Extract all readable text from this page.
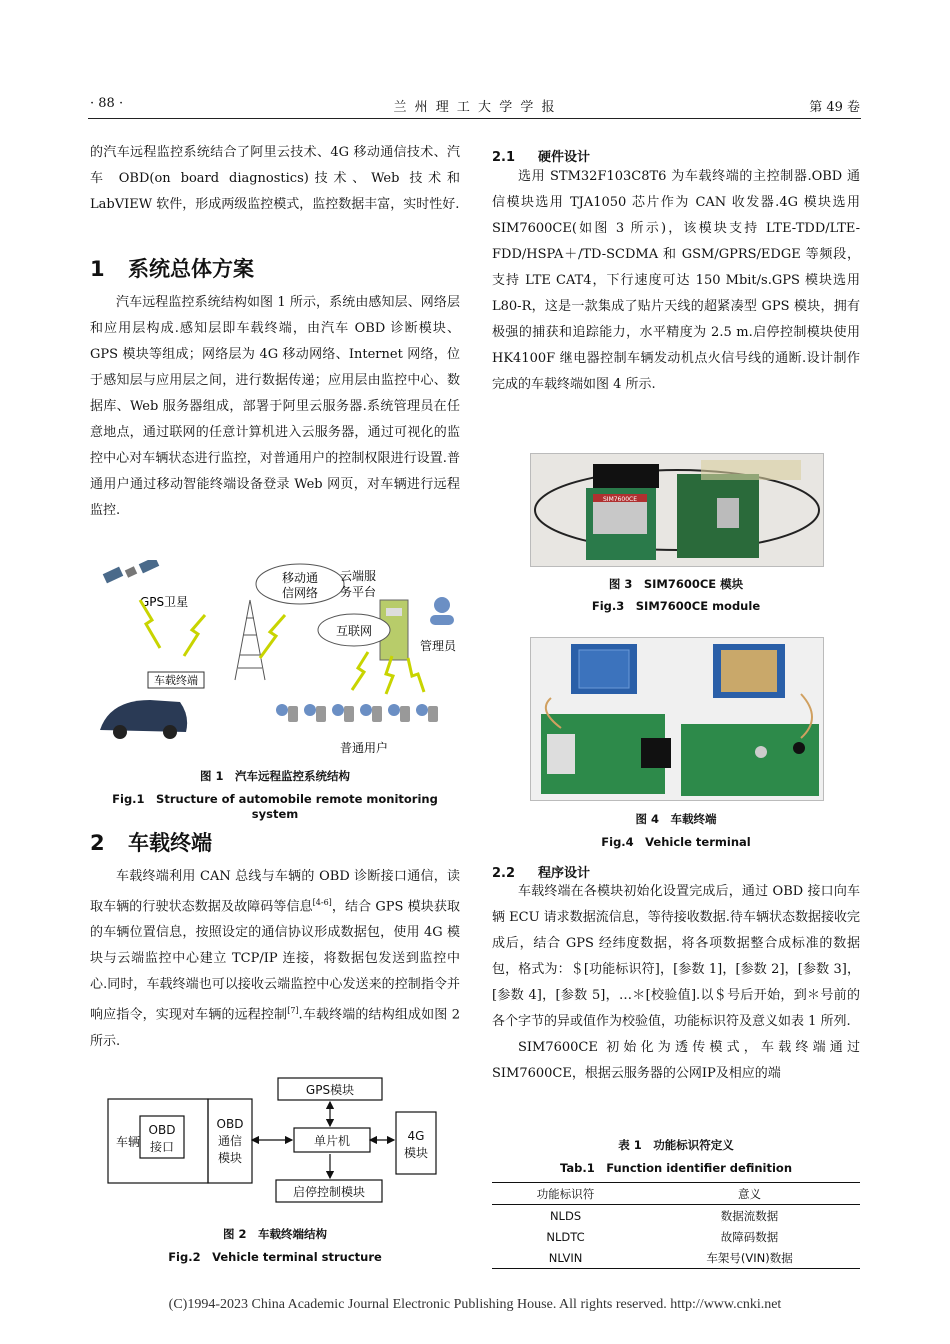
· 88 ·	兰 州 理 工 大 学 学 报	第 49 卷

的汽车远程监控系统结合了阿里云技术、4G 移动通信技术、汽车 OBD(on board diagnostics)技术、Web 技术和 LabVIEW 软件，形成两级监控模式，监控数据丰富，实时性好.

1 系统总体方案

汽车远程监控系统结构如图 1 所示，系统由感知层、网络层和应用层构成.感知层即车载终端，由汽车 OBD 诊断模块、GPS 模块等组成；网络层为 4G 移动网络、Internet 网络，位于感知层与应用层之间，进行数据传递；应用层由监控中心、数据库、Web 服务器组成，部署于阿里云服务器.系统管理员在任意地点，通过联网的任意计算机进入云服务器，通过可视化的监控中心对车辆状态进行监控，对普通用户的控制权限进行设置.普通用户通过移动智能终端设备登录 Web 网页，对车辆进行远程监控.

GPS卫星
移动通
信网络
云端服
务平台
互联网
管理员
车载终端
普通用户
图 1　汽车远程监控系统结构
Fig.1　Structure of automobile remote monitoring system
2 车载终端

车载终端利用 CAN 总线与车辆的 OBD 诊断接口通信，读取车辆的行驶状态数据及故障码等信息[4-6]，结合 GPS 模块获取的车辆位置信息，按照设定的通信协议形成数据包，使用 4G 模块与云端监控中心建立 TCP/IP 连接，将数据包发送到监控中心.同时，车载终端也可以接收云端监控中心发送来的控制指令并响应指令，实现对车辆的远程控制[7].车载终端的结构组成如图 2 所示.

车辆
OBD
接口
OBD
通信
模块
GPS模块
单片机
启停控制模块
4G
模块
图 2　车载终端结构
Fig.2　Vehicle terminal structure
2.1 硬件设计

选用 STM32F103C8T6 为车载终端的主控制器.OBD 通信模块选用 TJA1050 芯片作为 CAN 收发器.4G 模块选用 SIM7600CE(如图 3 所示)，该模块支持 LTE-TDD/LTE-FDD/HSPA＋/TD-SCDMA 和 GSM/GPRS/EDGE 等频段，支持 LTE CAT4，下行速度可达 150 Mbit/s.GPS 模块选用 L80-R，这是一款集成了贴片天线的超紧凑型 GPS 模块，拥有极强的捕获和追踪能力，水平精度为 2.5 m.启停控制模块使用 HK4100F 继电器控制车辆发动机点火信号线的通断.设计制作完成的车载终端如图 4 所示.

SIM7600CE
图 3　SIM7600CE 模块
Fig.3　SIM7600CE module
图 4　车载终端
Fig.4　Vehicle terminal
2.2 程序设计

车载终端在各模块初始化设置完成后，通过 OBD 接口向车辆 ECU 请求数据流信息，等待接收数据.待车辆状态数据接收完成后，结合 GPS 经纬度数据，将各项数据整合成标准的数据包，格式为：＄[功能标识符]，[参数 1]，[参数 2]，[参数 3]，[参数 4]，[参数 5]，…＊[校验值].以＄号后开始，到＊号前的各个字节的异或值作为校验值，功能标识符及意义如表 1 所列.

SIM7600CE 初始化为透传模式，车载终端通过 SIM7600CE，根据云服务器的公网IP及相应的端

表 1　功能标识符定义
Tab.1　Function identifier definition
功能标识符	意义
NLDS	数据流数据
NLDTC	故障码数据
NLVIN	车架号(VIN)数据
(C)1994-2023 China Academic Journal Electronic Publishing House. All rights reserved. http://www.cnki.net
